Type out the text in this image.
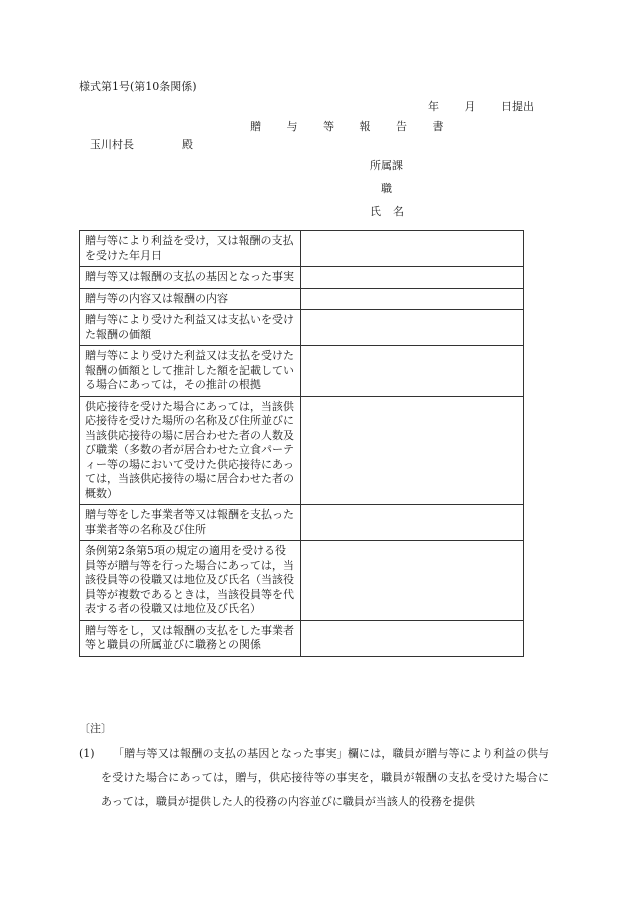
様式第1号(第10条関係)
年 月 日提出
贈 与 等 報 告 書
玉川村長	殿
所属課
職
氏 名
贈与等により利益を受け，又は報酬の支払を受けた年月日	
贈与等又は報酬の支払の基因となった事実	
贈与等の内容又は報酬の内容	
贈与等により受けた利益又は支払いを受けた報酬の価額	
贈与等により受けた利益又は支払を受けた報酬の価額として推計した額を記載している場合にあっては，その推計の根拠	
供応接待を受けた場合にあっては，当該供応接待を受けた場所の名称及び住所並びに当該供応接待の場に居合わせた者の人数及び職業（多数の者が居合わせた立食パーティー等の場において受けた供応接待にあっては，当該供応接待の場に居合わせた者の概数）	
贈与等をした事業者等又は報酬を支払った事業者等の名称及び住所	
条例第2条第5項の規定の適用を受ける役員等が贈与等を行った場合にあっては，当該役員等の役職又は地位及び氏名（当該役員等が複数であるときは，当該役員等を代表する者の役職又は地位及び氏名）	
贈与等をし，又は報酬の支払をした事業者等と職員の所属並びに職務との関係	
〔注〕
(1)	「贈与等又は報酬の支払の基因となった事実」欄には，職員が贈与等により利益の供与を受けた場合にあっては，贈与，供応接待等の事実を，職員が報酬の支払を受けた場合にあっては，職員が提供した人的役務の内容並びに職員が当該人的役務を提供
